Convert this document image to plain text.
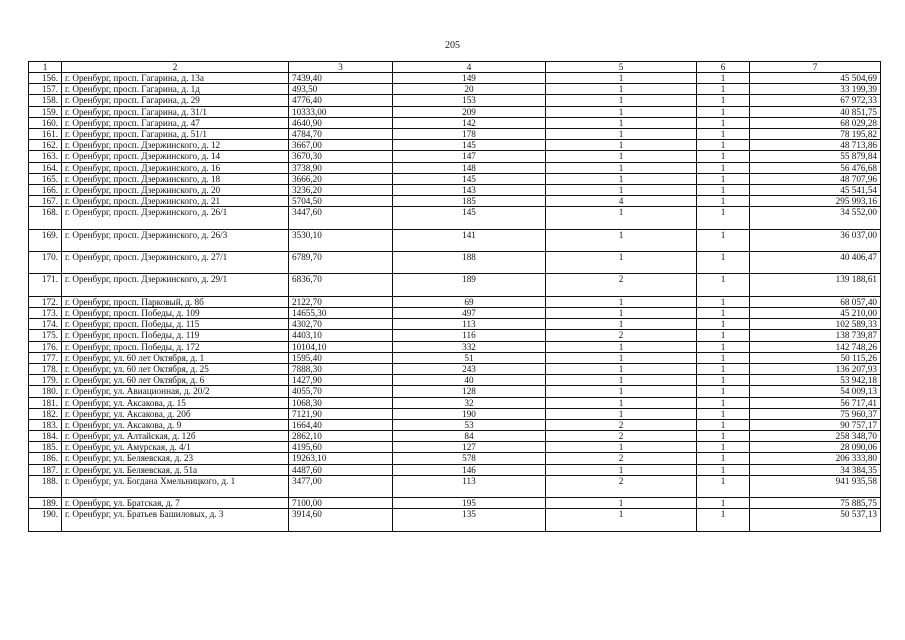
205
1	2	3	4	5	6	7
156.	г. Оренбург, просп. Гагарина, д. 13а	7439,40	149	1	1	45 504,69
157.	г. Оренбург, просп. Гагарина, д. 1д	493,50	20	1	1	33 199,39
158.	г. Оренбург, просп. Гагарина, д. 29	4776,40	153	1	1	67 972,33
159.	г. Оренбург, просп. Гагарина, д. 31/1	10333,00	209	1	1	40 851,75
160.	г. Оренбург, просп. Гагарина, д. 47	4640,90	142	1	1	68 029,28
161.	г. Оренбург, просп. Гагарина, д. 51/1	4784,70	178	1	1	78 195,82
162.	г. Оренбург, просп. Дзержинского, д. 12	3667,00	145	1	1	48 713,86
163.	г. Оренбург, просп. Дзержинского, д. 14	3670,30	147	1	1	55 879,84
164.	г. Оренбург, просп. Дзержинского, д. 16	3738,90	148	1	1	56 476,68
165.	г. Оренбург, просп. Дзержинского, д. 18	3666,20	145	1	1	48 707,96
166.	г. Оренбург, просп. Дзержинского, д. 20	3236,20	143	1	1	45 541,54
167.	г. Оренбург, просп. Дзержинского, д. 21	5704,50	185	4	1	295 993,16
168.	г. Оренбург, просп. Дзержинского, д. 26/1	3447,60	145	1	1	34 552,00
169.	г. Оренбург, просп. Дзержинского, д. 26/3	3530,10	141	1	1	36 037,00
170.	г. Оренбург, просп. Дзержинского, д. 27/1	6789,70	188	1	1	40 406,47
171.	г. Оренбург, просп. Дзержинского, д. 29/1	6836,70	189	2	1	139 188,61
172.	г. Оренбург, просп. Парковый, д. 8б	2122,70	69	1	1	68 057,40
173.	г. Оренбург, просп. Победы, д. 109	14655,30	497	1	1	45 210,00
174.	г. Оренбург, просп. Победы, д. 115	4302,70	113	1	1	102 589,33
175.	г. Оренбург, просп. Победы, д. 119	4403,10	116	2	1	138 739,87
176.	г. Оренбург, просп. Победы, д. 172	10104,10	332	1	1	142 748,26
177.	г. Оренбург, ул. 60 лет Октября, д. 1	1595,40	51	1	1	50 115,26
178.	г. Оренбург, ул. 60 лет Октября, д. 25	7888,30	243	1	1	136 207,93
179.	г. Оренбург, ул. 60 лет Октября, д. 6	1427,90	40	1	1	53 942,18
180.	г. Оренбург, ул. Авиационная, д. 20/2	4055,70	128	1	1	54 009,13
181.	г. Оренбург, ул. Аксакова, д. 15	1068,30	32	1	1	56 717,41
182.	г. Оренбург, ул. Аксакова, д. 20б	7121,90	190	1	1	75 960,37
183.	г. Оренбург, ул. Аксакова, д. 9	1664,40	53	2	1	90 757,17
184.	г. Оренбург, ул. Алтайская, д. 12б	2862,10	84	2	1	258 348,70
185.	г. Оренбург, ул. Амурская, д. 4/1	4195,60	127	1	1	28 090,06
186.	г. Оренбург, ул. Беляевская, д. 23	19263,10	578	2	1	206 333,80
187.	г. Оренбург, ул. Беляевская, д. 51а	4487,60	146	1	1	34 384,35
188.	г. Оренбург, ул. Богдана Хмельницкого, д. 1	3477,00	113	2	1	941 935,58
189.	г. Оренбург, ул. Братская, д. 7	7100,00	195	1	1	75 885,75
190.	г. Оренбург, ул. Братьев Башиловых, д. 3	3914,60	135	1	1	50 537,13
